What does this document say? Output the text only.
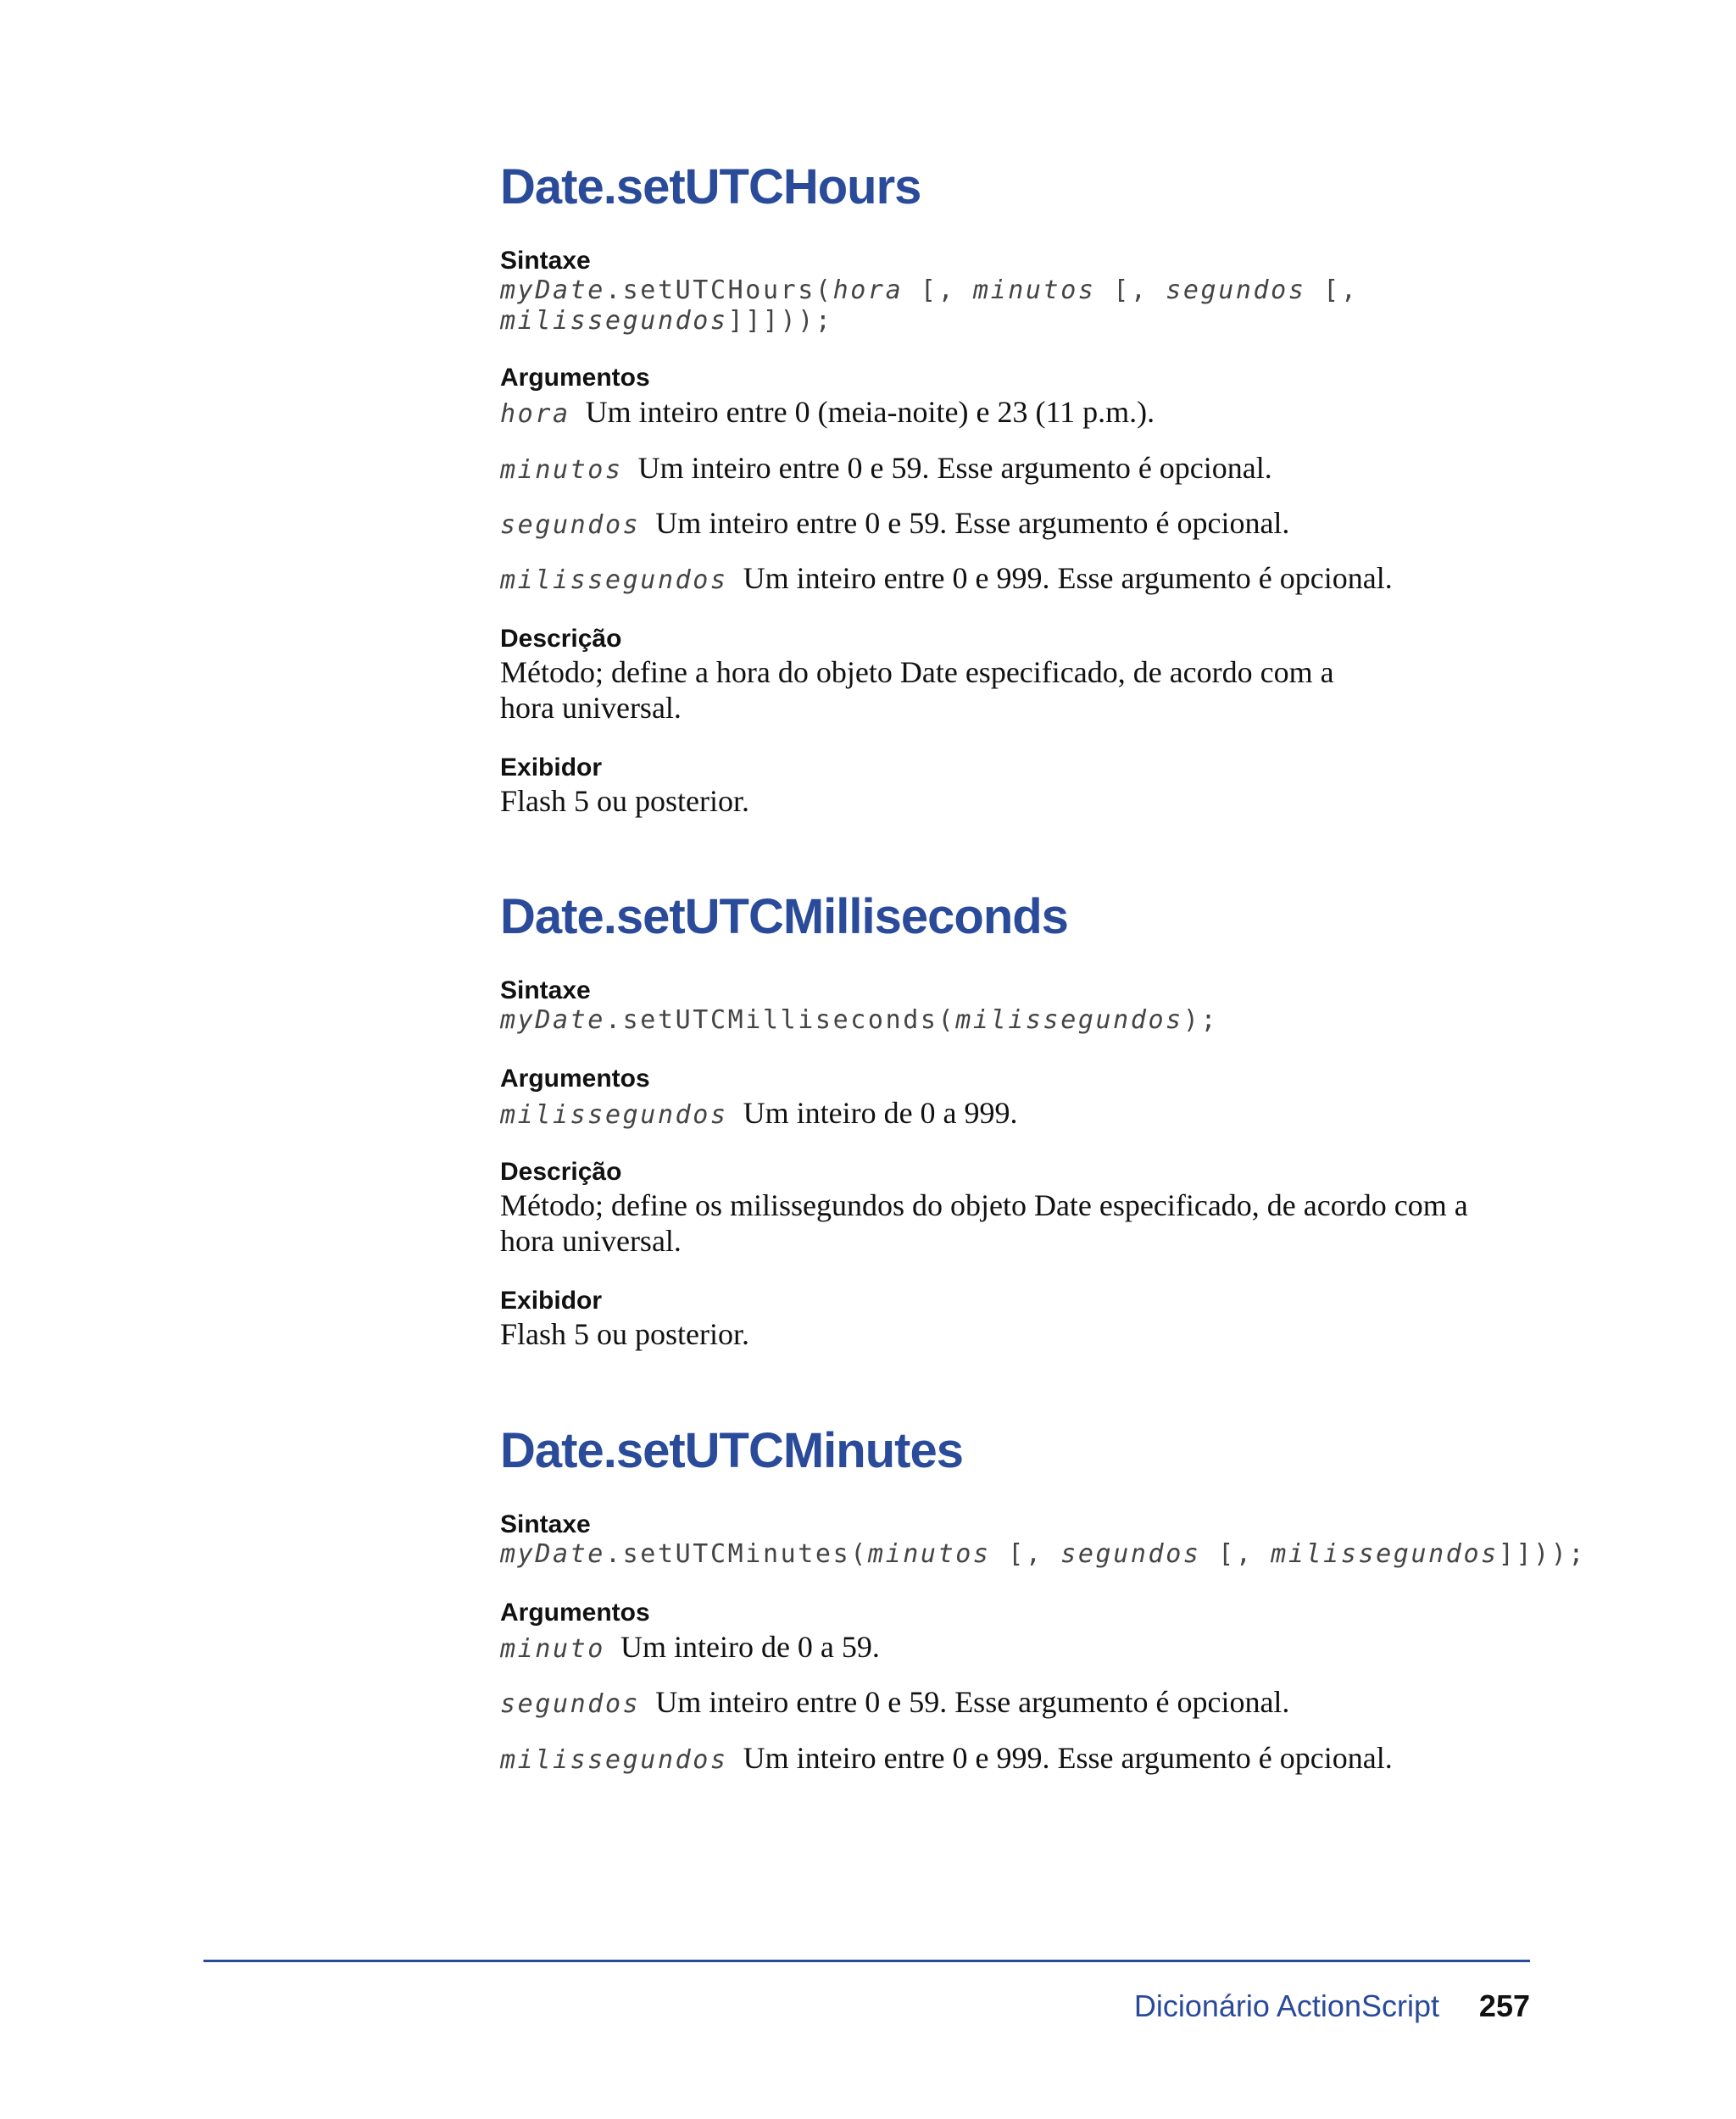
Date.setUTCHours
Sintaxe
myDate.setUTCHours(hora [, minutos [, segundos [,
milissegundos]]]));
Argumentos
hora Um inteiro entre 0 (meia-noite) e 23 (11 p.m.).
minutos Um inteiro entre 0 e 59. Esse argumento é opcional.
segundos Um inteiro entre 0 e 59. Esse argumento é opcional.
milissegundos Um inteiro entre 0 e 999. Esse argumento é opcional.
Descrição
Método; define a hora do objeto Date especificado, de acordo com a
hora universal.
Exibidor
Flash 5 ou posterior.
Date.setUTCMilliseconds
Sintaxe
myDate.setUTCMilliseconds(milissegundos);
Argumentos
milissegundos Um inteiro de 0 a 999.
Descrição
Método; define os milissegundos do objeto Date especificado, de acordo com a
hora universal.
Exibidor
Flash 5 ou posterior.
Date.setUTCMinutes
Sintaxe
myDate.setUTCMinutes(minutos [, segundos [, milissegundos]]));
Argumentos
minuto Um inteiro de 0 a 59.
segundos Um inteiro entre 0 e 59. Esse argumento é opcional.
milissegundos Um inteiro entre 0 e 999. Esse argumento é opcional.
Dicionário ActionScript 257
